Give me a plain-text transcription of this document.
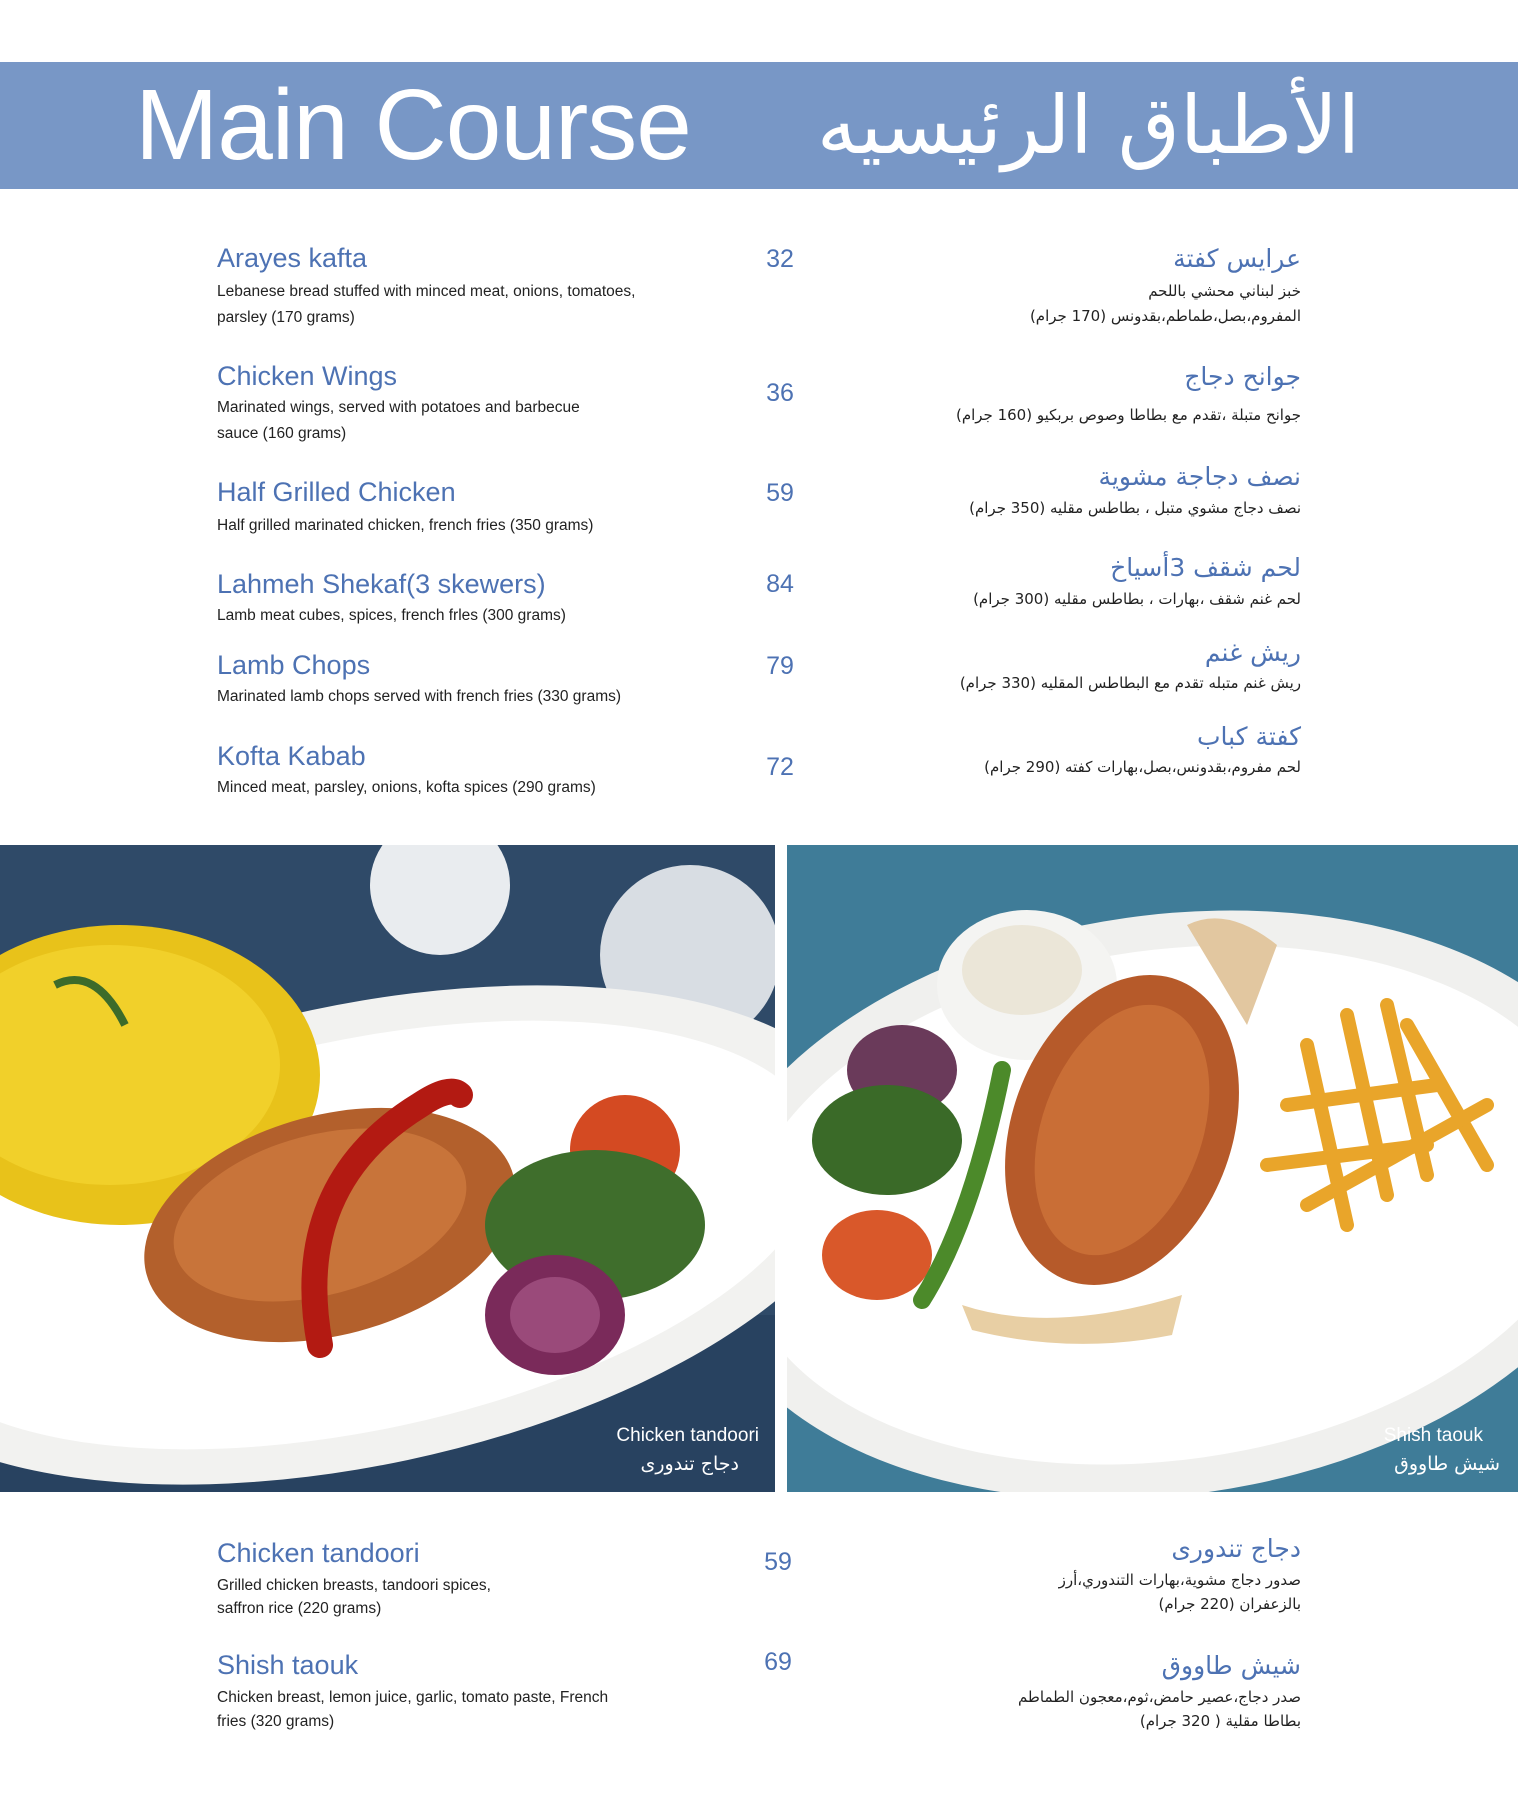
Main Course	الأطباق الرئيسيه
Arayes kafta
Lebanese bread stuffed with minced meat, onions, tomatoes,
parsley (170 grams)
32	عرايس كفتة
خبز لبناني محشي باللحم
المفروم،بصل،طماطم،بقدونس (170 جرام)
Chicken Wings
Marinated wings, served with potatoes and barbecue
sauce (160 grams)
36
جوانح دجاج
جوانح متبلة ،تقدم مع بطاطا وصوص بربكيو (160 جرام)
Half Grilled Chicken
Half grilled marinated chicken, french fries (350 grams)
59
نصف دجاجة مشوية
نصف دجاج مشوي متبل ، بطاطس مقليه (350 جرام)
Lahmeh Shekaf(3 skewers)
Lamb meat cubes, spices, french frles (300 grams)
84
لحم شقف 3أسياخ
لحم غنم شقف ،بهارات ، بطاطس مقليه (300 جرام)
Lamb Chops
Marinated lamb chops served with french fries (330 grams)
79	ريش غنم
ريش غنم متبله تقدم مع البطاطس المقليه (330 جرام)
Kofta Kabab
Minced meat, parsley, onions, kofta spices (290 grams)
72
كفتة كباب
لحم مفروم،بقدونس،بصل،بهارات كفته (290 جرام)
Chicken tandoori
دجاج تندورى
Shish taouk
شيش طاووق
Chicken tandoori
Grilled chicken breasts, tandoori spices,
saffron rice (220 grams)
59	دجاج تندورى
صدور دجاج مشوية،بهارات التندوري،أرز
بالزعفران (220 جرام)
Shish taouk
Chicken breast, lemon juice, garlic, tomato paste, French
fries (320 grams)
69	شيش طاووق
صدر دجاج،عصير حامض،ثوم،معجون الطماطم
بطاطا مقلية ( 320 جرام)
